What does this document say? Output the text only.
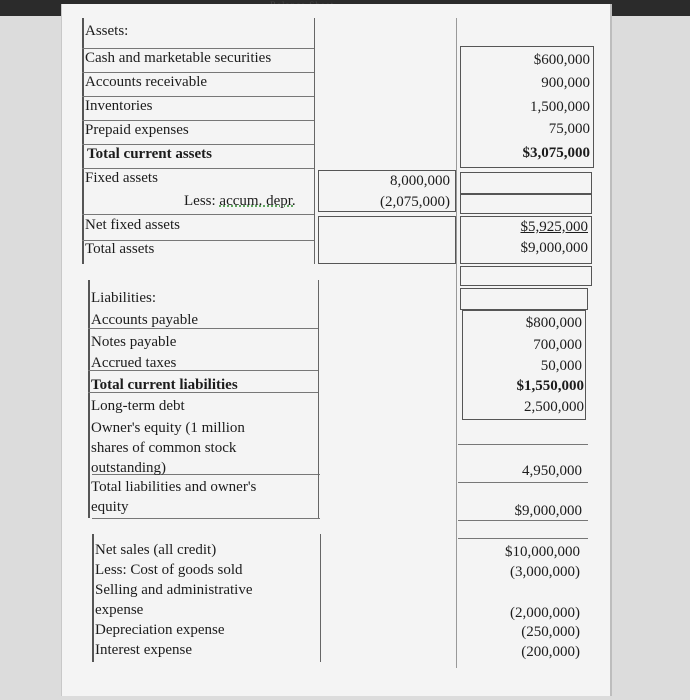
Assets:
Cash and marketable securities	$600,000
Accounts receivable	900,000
Inventories	1,500,000
Prepaid expenses	75,000
Total current assets	$3,075,000
Fixed assets	8,000,000
Less: accum. depr.	(2,075,000)
Net fixed assets	$5,925,000
Total assets	$9,000,000
Liabilities:
Accounts payable	$800,000
Notes payable	700,000
Accrued taxes	50,000
Total current liabilities	$1,550,000
Long-term debt	2,500,000
Owner's equity (1 million
shares of common stock
outstanding)	4,950,000
Total liabilities and owner's
equity	$9,000,000
Net sales (all credit)	$10,000,000
Less: Cost of goods sold	(3,000,000)
Selling and administrative
expense	(2,000,000)
Depreciation expense	(250,000)
Interest expense	(200,000)
